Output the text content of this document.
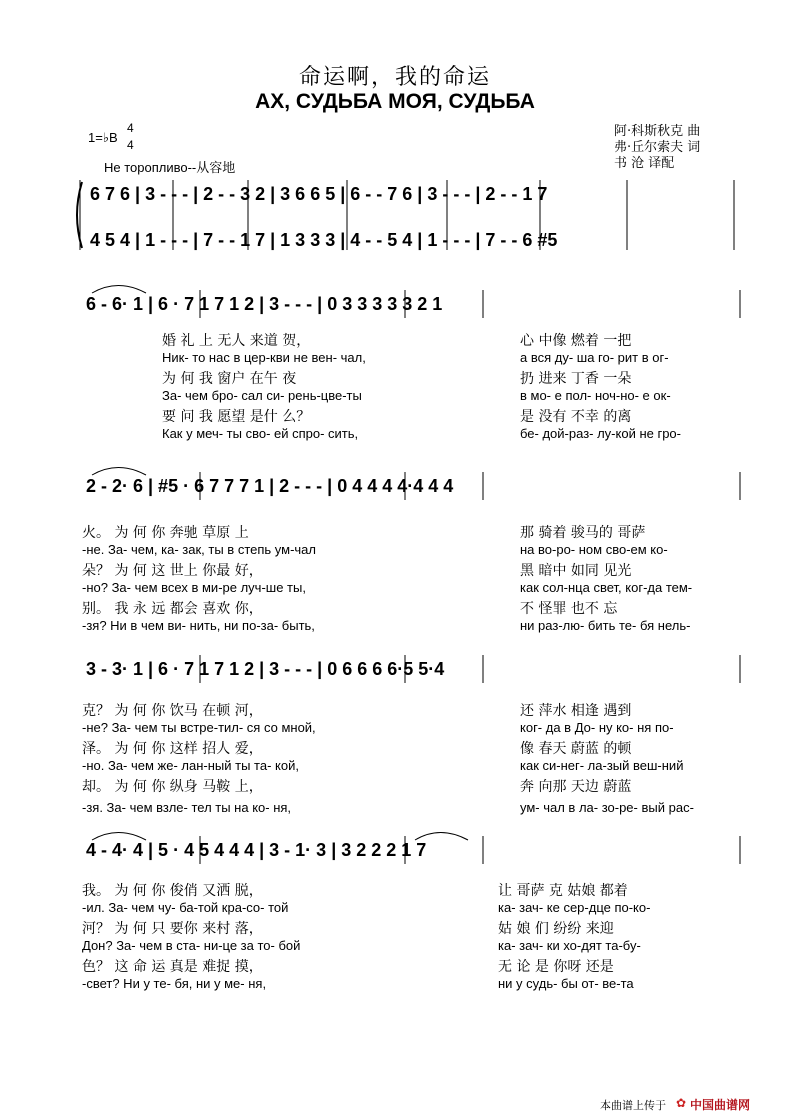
命运啊，我的命运
АХ, СУДЬБА МОЯ, СУДЬБА
1=♭B
4
4
Не торопливо--从容地
阿·科斯秋克 曲
弗·丘尔索夫 词
书 沧 译配
6 7 6 | 3 - - - | 2 - - 3 2 | 3 6 6 5 | 6 - - 7 6 | 3 - - - | 2 - - 1 7
4 5 4 | 1 - - - | 7 - - 1 7 | 1 3 3 3 | 4 - - 5 4 | 1 - - - | 7 - - 6 #5
6 - 6· 1 | 6 · 7 1 7 1 2 | 3 - - - | 0 3 3 3 3 3 2 1
婚 礼 上 无人 来道 贺，	心 中像 燃着 一把
Ник- то нас в цер-кви не вен- чал,	а вся ду- ша го- рит в ог-
为 何 我 窗户 在午 夜	扔 进来 丁香 一朵
За- чем бро- сал си- рень-цве-ты	в мо- е пол- ноч-но- е ок-
要 问 我 愿望 是什 么？	是 没有 不幸 的离
Как у меч- ты сво- ей спро- сить,	бе- дой-раз- лу-кой не гро-
2 - 2· 6 | #5 · 6 7 7 7 1 | 2 - - - | 0 4 4 4 4·4 4 4
火。 为 何 你 奔驰 草原 上	那 骑着 骏马的 哥萨
-не. За- чем, ка- зак, ты в степь ум-чал	на во-ро- ном сво-ем ко-
朵？ 为 何 这 世上 你最 好，	黑 暗中 如同 见光
-но? За- чем всех в ми-ре луч-ше ты,	как сол-нца свет, ког-да тем-
别。 我 永 远 都会 喜欢 你，	不 怪罪 也不 忘
-зя? Ни в чем ви- нить, ни по-за- быть,	ни раз-лю- бить те- бя нель-
3 - 3· 1 | 6 · 7 1 7 1 2 | 3 - - - | 0 6 6 6 6·5 5·4
克？ 为 何 你 饮马 在顿 河，	还 萍水 相逢 遇到
-не? За- чем ты встре-тил- ся со мной,	ког- да в До- ну ко- ня по-
泽。 为 何 你 这样 招人 爱，	像 春天 蔚蓝 的顿
-но. За- чем же- лан-ный ты та- кой,	как си-нег- ла-зый веш-ний
却。 为 何 你 纵身 马鞍 上，	奔 向那 天边 蔚蓝
-зя. За- чем взле- тел ты на ко- ня,	ум- чал в ла- зо-ре- вый рас-
4 - 4· 4 | 5 · 4 5 4 4 4 | 3 - 1· 3 | 3 2 2 2 1 7
我。 为 何 你 俊俏 又洒 脱，	让 哥萨 克 姑娘 都着
-ил. За- чем чу- ба-той кра-со- той	ка- зач- ке сер-дце по-ко-
河？ 为 何 只 要你 来村 落，	姑 娘 们 纷纷 来迎
Дон? За- чем в ста- ни-це за то- бой	ка- зач- ки хо-дят та-бу-
色？ 这 命 运 真是 难捉 摸，	无 论 是 你呀 还是
-свет? Ни у те- бя, ни у ме- ня,	ни у судь- бы от- ве-та
本曲谱上传于 ✿ 中国曲谱网
